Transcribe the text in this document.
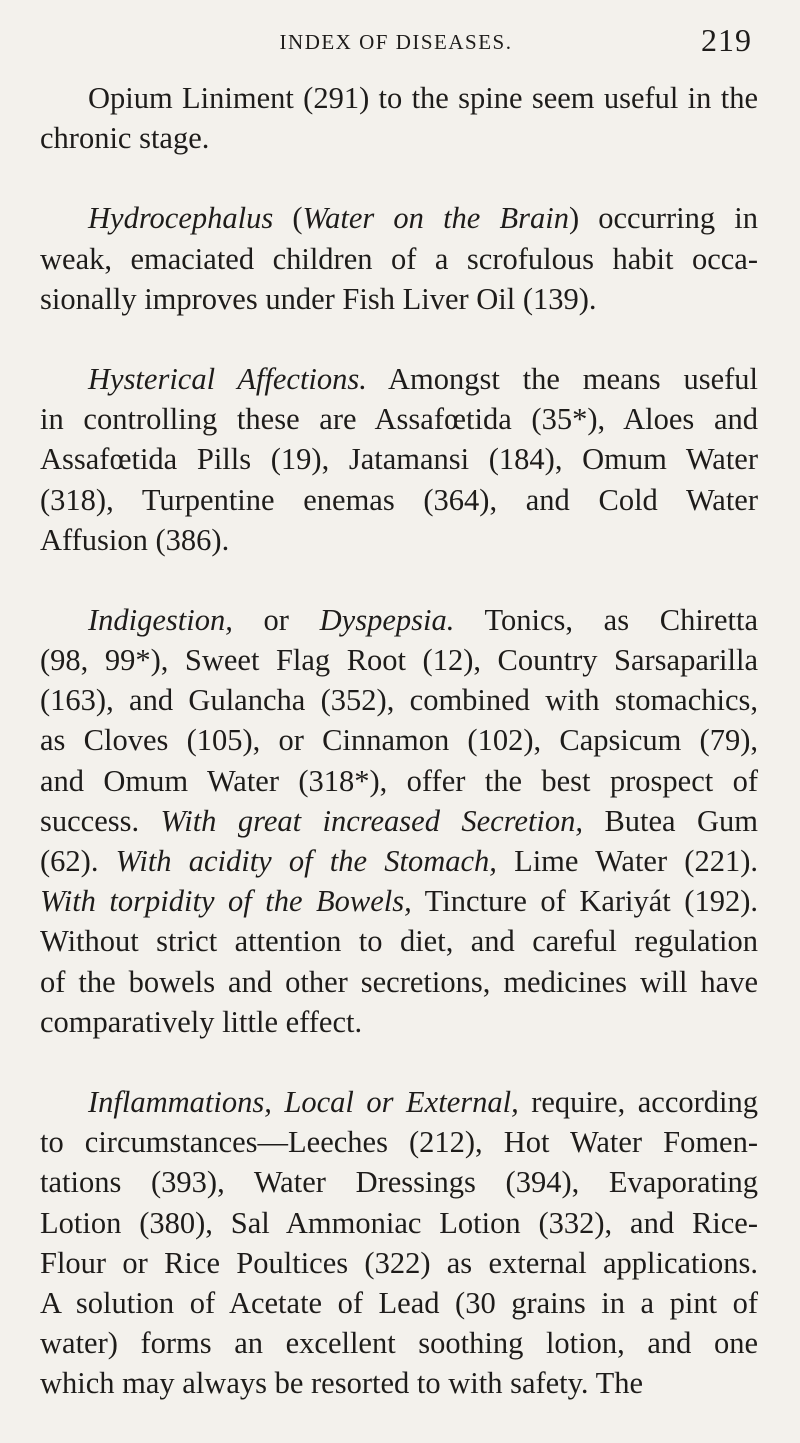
INDEX OF DISEASES.	219
Opium Liniment (291) to the spine seem useful in the
chronic stage.
Hydrocephalus (Water on the Brain) occurring in
weak, emaciated children of a scrofulous habit occa-
sionally improves under Fish Liver Oil (139).
Hysterical Affections. Amongst the means useful
in controlling these are Assafœtida (35*), Aloes and
Assafœtida Pills (19), Jatamansi (184), Omum Water
(318), Turpentine enemas (364), and Cold Water
Affusion (386).
Indigestion, or Dyspepsia. Tonics, as Chiretta
(98, 99*), Sweet Flag Root (12), Country Sarsaparilla
(163), and Gulancha (352), combined with stomachics,
as Cloves (105), or Cinnamon (102), Capsicum (79),
and Omum Water (318*), offer the best prospect of
success. With great increased Secretion, Butea Gum
(62). With acidity of the Stomach, Lime Water (221).
With torpidity of the Bowels, Tincture of Kariyát (192).
Without strict attention to diet, and careful regulation
of the bowels and other secretions, medicines will have
comparatively little effect.
Inflammations, Local or External, require, according
to circumstances—Leeches (212), Hot Water Fomen-
tations (393), Water Dressings (394), Evaporating
Lotion (380), Sal Ammoniac Lotion (332), and Rice-
Flour or Rice Poultices (322) as external applications.
A solution of Acetate of Lead (30 grains in a pint of
water) forms an excellent soothing lotion, and one
which may always be resorted to with safety. The
